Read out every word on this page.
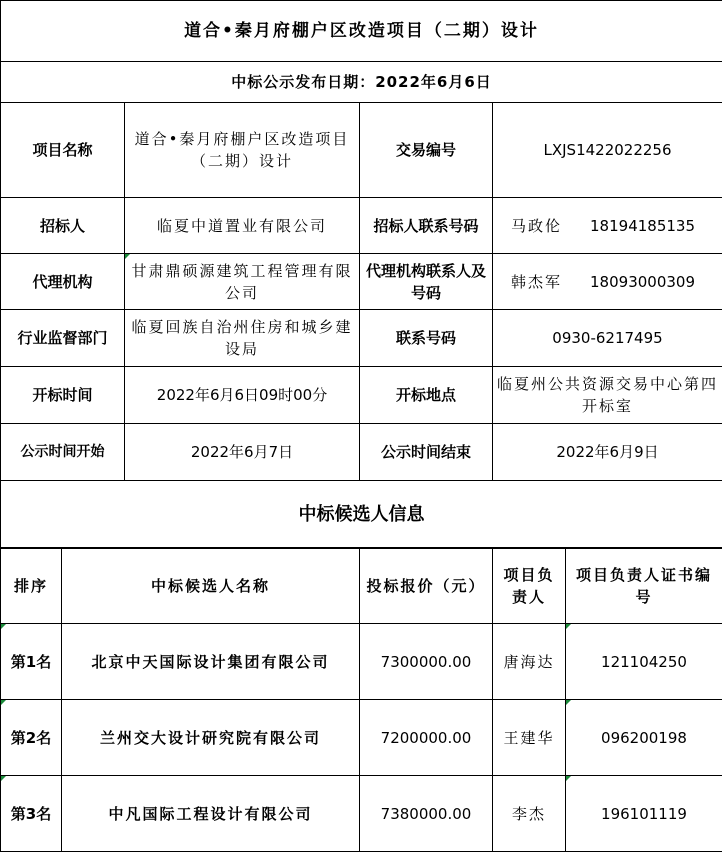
道合•秦月府棚户区改造项目（二期）设计			
中标公示发布日期：2022年6月6日			
项目名称	道合•秦月府棚户区改造项目（二期）设计	交易编号	LXJS1422022256
招标人	临夏中道置业有限公司	招标人联系号码	马政伦 18194185135
代理机构	甘肃鼎硕源建筑工程管理有限公司	代理机构联系人及号码	韩杰军 18093000309
行业监督部门	临夏回族自治州住房和城乡建设局	联系号码	0930-6217495
开标时间	2022年6月6日09时00分	开标地点	临夏州公共资源交易中心第四开标室
公示时间开始	2022年6月7日	公示时间结束	2022年6月9日
中标候选人信息			
排序	中标候选人名称	投标报价（元）	项目负责人	项目负责人证书编号
第1名	北京中天国际设计集团有限公司	7300000.00	唐海达	121104250
第2名	兰州交大设计研究院有限公司	7200000.00	王建华	096200198
第3名	中凡国际工程设计有限公司	7380000.00	李杰	196101119
